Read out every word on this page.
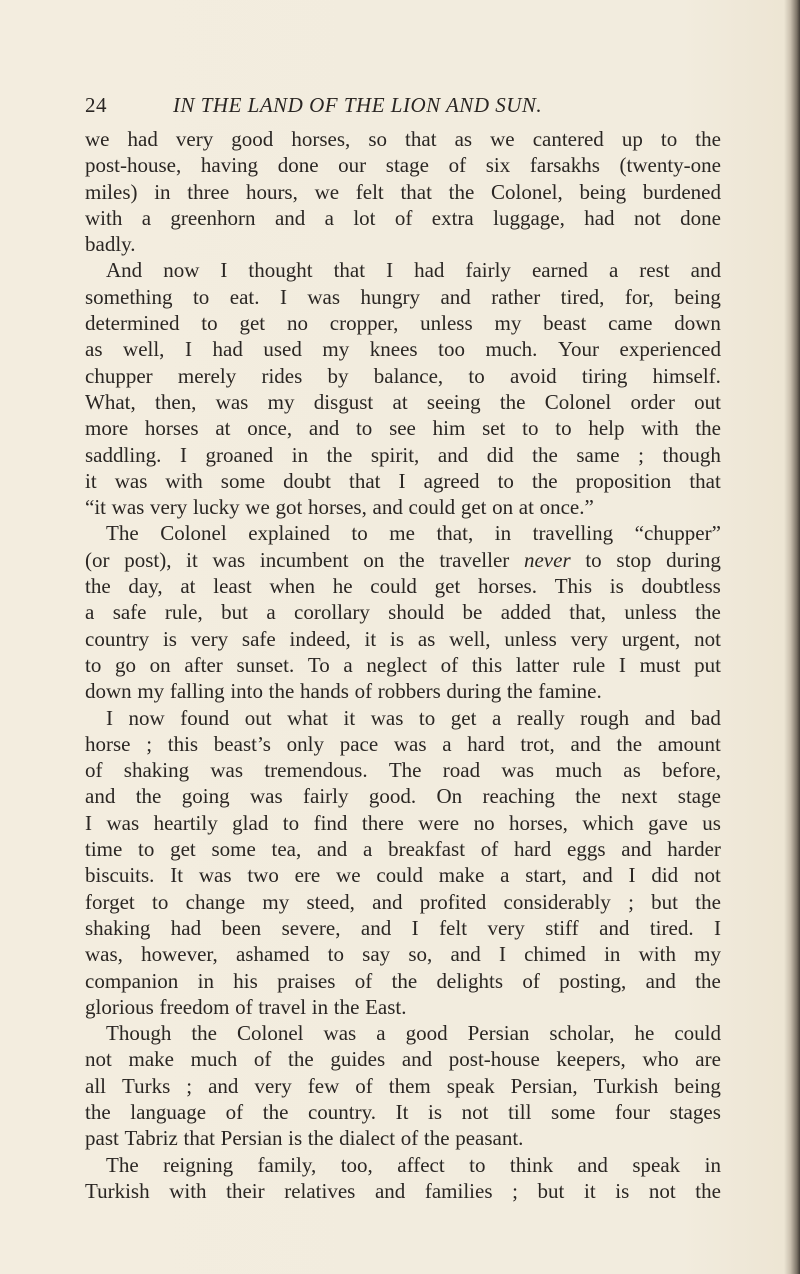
24	IN THE LAND OF THE LION AND SUN.
we had very good horses, so that as we cantered up to the
post-house, having done our stage of six farsakhs (twenty-one
miles) in three hours, we felt that the Colonel, being burdened
with a greenhorn and a lot of extra luggage, had not done
badly.
And now I thought that I had fairly earned a rest and
something to eat. I was hungry and rather tired, for, being
determined to get no cropper, unless my beast came down
as well, I had used my knees too much. Your experienced
chupper merely rides by balance, to avoid tiring himself.
What, then, was my disgust at seeing the Colonel order out
more horses at once, and to see him set to to help with the
saddling. I groaned in the spirit, and did the same ; though
it was with some doubt that I agreed to the proposition that
“it was very lucky we got horses, and could get on at once.”
The Colonel explained to me that, in travelling “chupper”
(or post), it was incumbent on the traveller never to stop during
the day, at least when he could get horses. This is doubtless
a safe rule, but a corollary should be added that, unless the
country is very safe indeed, it is as well, unless very urgent, not
to go on after sunset. To a neglect of this latter rule I must put
down my falling into the hands of robbers during the famine.
I now found out what it was to get a really rough and bad
horse ; this beast’s only pace was a hard trot, and the amount
of shaking was tremendous. The road was much as before,
and the going was fairly good. On reaching the next stage
I was heartily glad to find there were no horses, which gave us
time to get some tea, and a breakfast of hard eggs and harder
biscuits. It was two ere we could make a start, and I did not
forget to change my steed, and profited considerably ; but the
shaking had been severe, and I felt very stiff and tired. I
was, however, ashamed to say so, and I chimed in with my
companion in his praises of the delights of posting, and the
glorious freedom of travel in the East.
Though the Colonel was a good Persian scholar, he could
not make much of the guides and post-house keepers, who are
all Turks ; and very few of them speak Persian, Turkish being
the language of the country. It is not till some four stages
past Tabriz that Persian is the dialect of the peasant.
The reigning family, too, affect to think and speak in
Turkish with their relatives and families ; but it is not the
